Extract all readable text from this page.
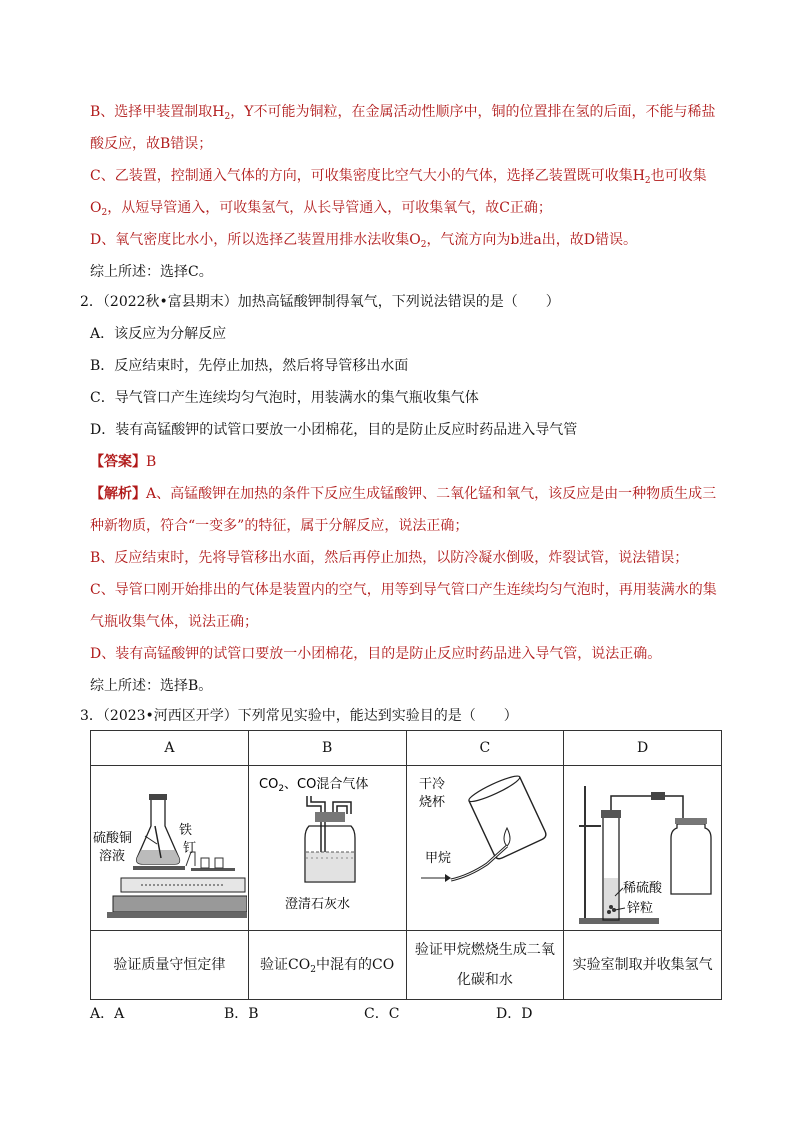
B、选择甲装置制取$H_2$，Y不可能为铜粒，在金属活动性顺序中，铜的位置排在氢的后面，不能与稀盐
酸反应，故B错误；
C、乙装置，控制通入气体的方向，可收集密度比空气大小的气体，选择乙装置既可收集$H_2$也可收集
$O_2$，从短导管通入，可收集氢气，从长导管通入，可收集氧气，故C正确；
D、氧气密度比水小，所以选择乙装置用排水法收集$O_2$，气流方向为b进a出，故D错误。
综上所述：选择C。
2．（2022秋•富县期末）加热高锰酸钾制得氧气，下列说法错误的是（　　）
A．该反应为分解反应
B．反应结束时，先停止加热，然后将导管移出水面
C．导气管口产生连续均匀气泡时，用装满水的集气瓶收集气体
D．装有高锰酸钾的试管口要放一小团棉花，目的是防止反应时药品进入导气管
【答案】B
【解析】A、高锰酸钾在加热的条件下反应生成锰酸钾、二氧化锰和氧气，该反应是由一种物质生成三
种新物质，符合“一变多”的特征，属于分解反应，说法正确；
B、反应结束时，先将导管移出水面，然后再停止加热，以防冷凝水倒吸，炸裂试管，说法错误；
C、导管口刚开始排出的气体是装置内的空气，用等到导气管口产生连续均匀气泡时，再用装满水的集
气瓶收集气体，说法正确；
D、装有高锰酸钾的试管口要放一小团棉花，目的是防止反应时药品进入导气管，说法正确。
综上所述：选择B。
3．（2023•河西区开学）下列常见实验中，能达到实验目的是（　　）
A	B	C	D

硫酸铜
溶液
铁
钉	$CO_2$、CO混合气体
澄清石灰水	干冷
烧杯
甲烷	稀硫酸
锌粒

验证质量守恒定律	验证$CO_2$中混有的CO	验证甲烷燃烧生成二氧
化碳和水	实验室制取并收集氢气
A．A	B．B	C．C	D．D
